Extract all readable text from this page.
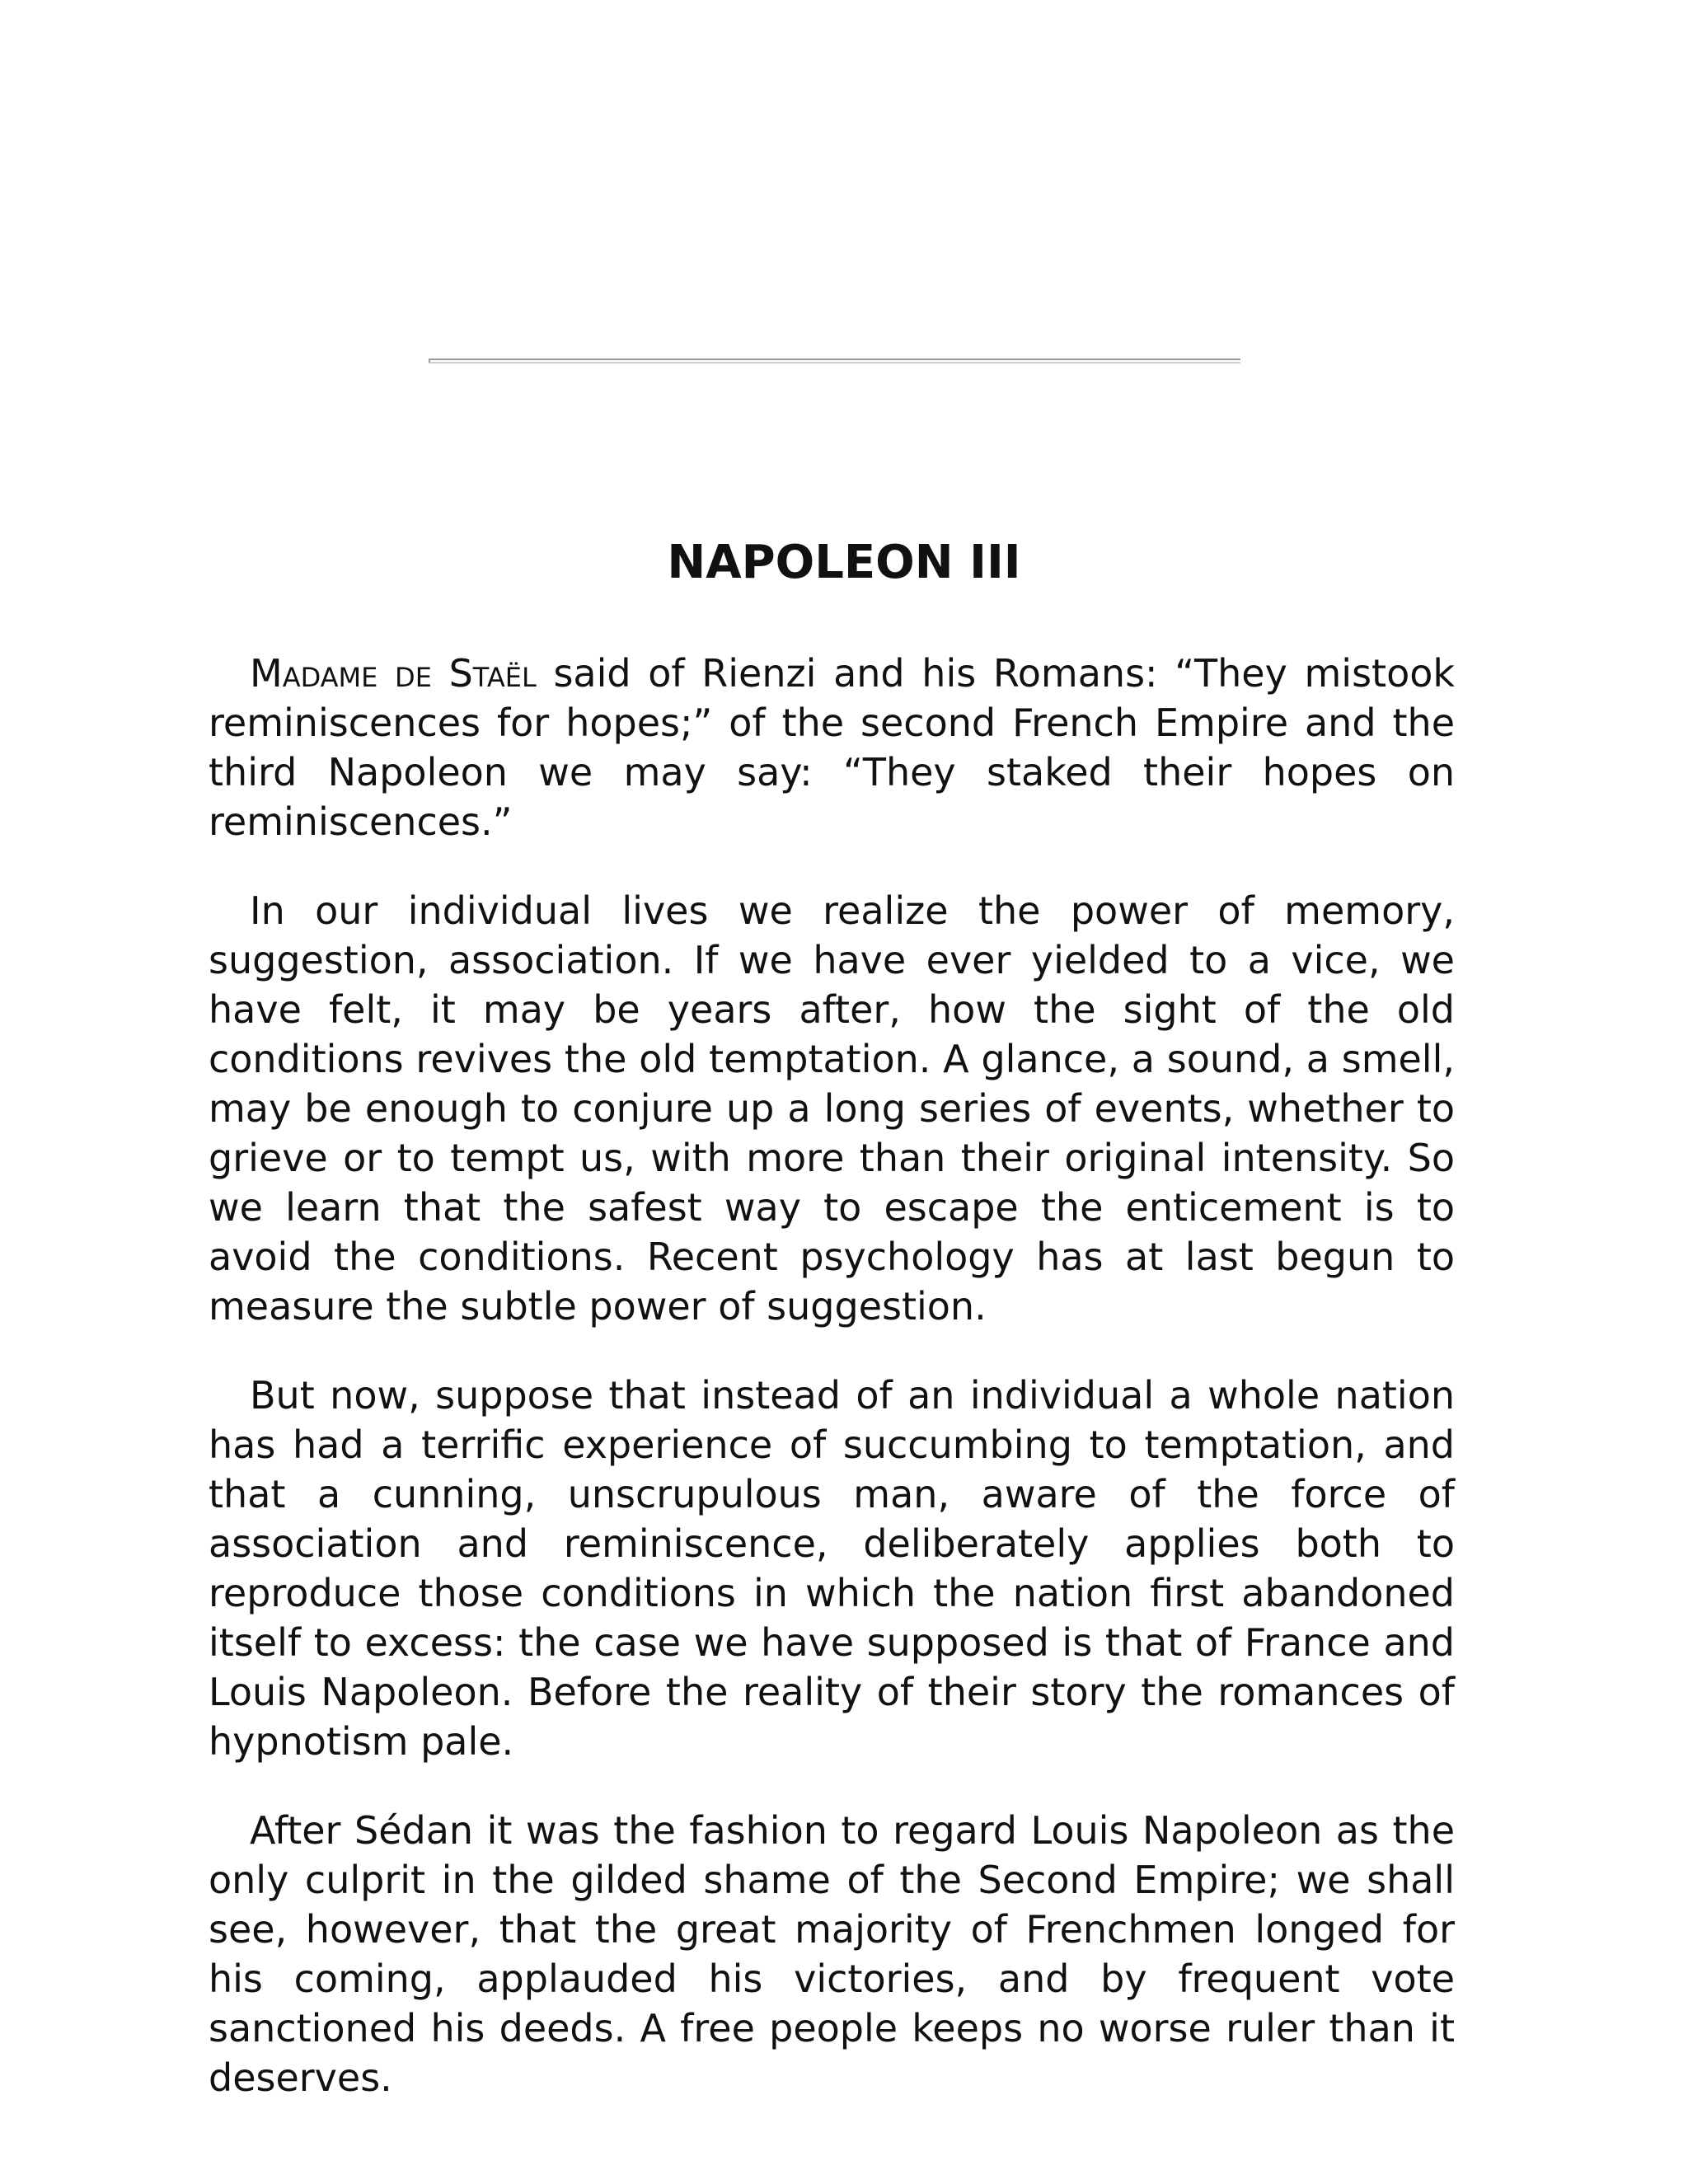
NAPOLEON III

Madame de Staël said of Rienzi and his Romans: “They mistook reminiscences for hopes;” of the second French Empire and the third Napoleon we may say: “They staked their hopes on reminiscences.”

In our individual lives we realize the power of memory, suggestion, association. If we have ever yielded to a vice, we have felt, it may be years after, how the sight of the old conditions revives the old temptation. A glance, a sound, a smell, may be enough to conjure up a long series of events, whether to grieve or to tempt us, with more than their original intensity. So we learn that the safest way to escape the enticement is to avoid the conditions. Recent psychology has at last begun to measure the subtle power of suggestion.

But now, suppose that instead of an individual a whole nation has had a terrific experience of succumbing to temptation, and that a cunning, unscrupulous man, aware of the force of association and reminiscence, deliberately applies both to reproduce those conditions in which the nation first abandoned itself to excess: the case we have supposed is that of France and Louis Napoleon. Before the reality of their story the romances of hypnotism pale.

After Sédan it was the fashion to regard Louis Napoleon as the only culprit in the gilded shame of the Second Empire; we shall see, however, that the great majority of Frenchmen longed for his coming, applauded his victories, and by frequent vote sanctioned his deeds. A free people keeps no worse ruler than it deserves.
